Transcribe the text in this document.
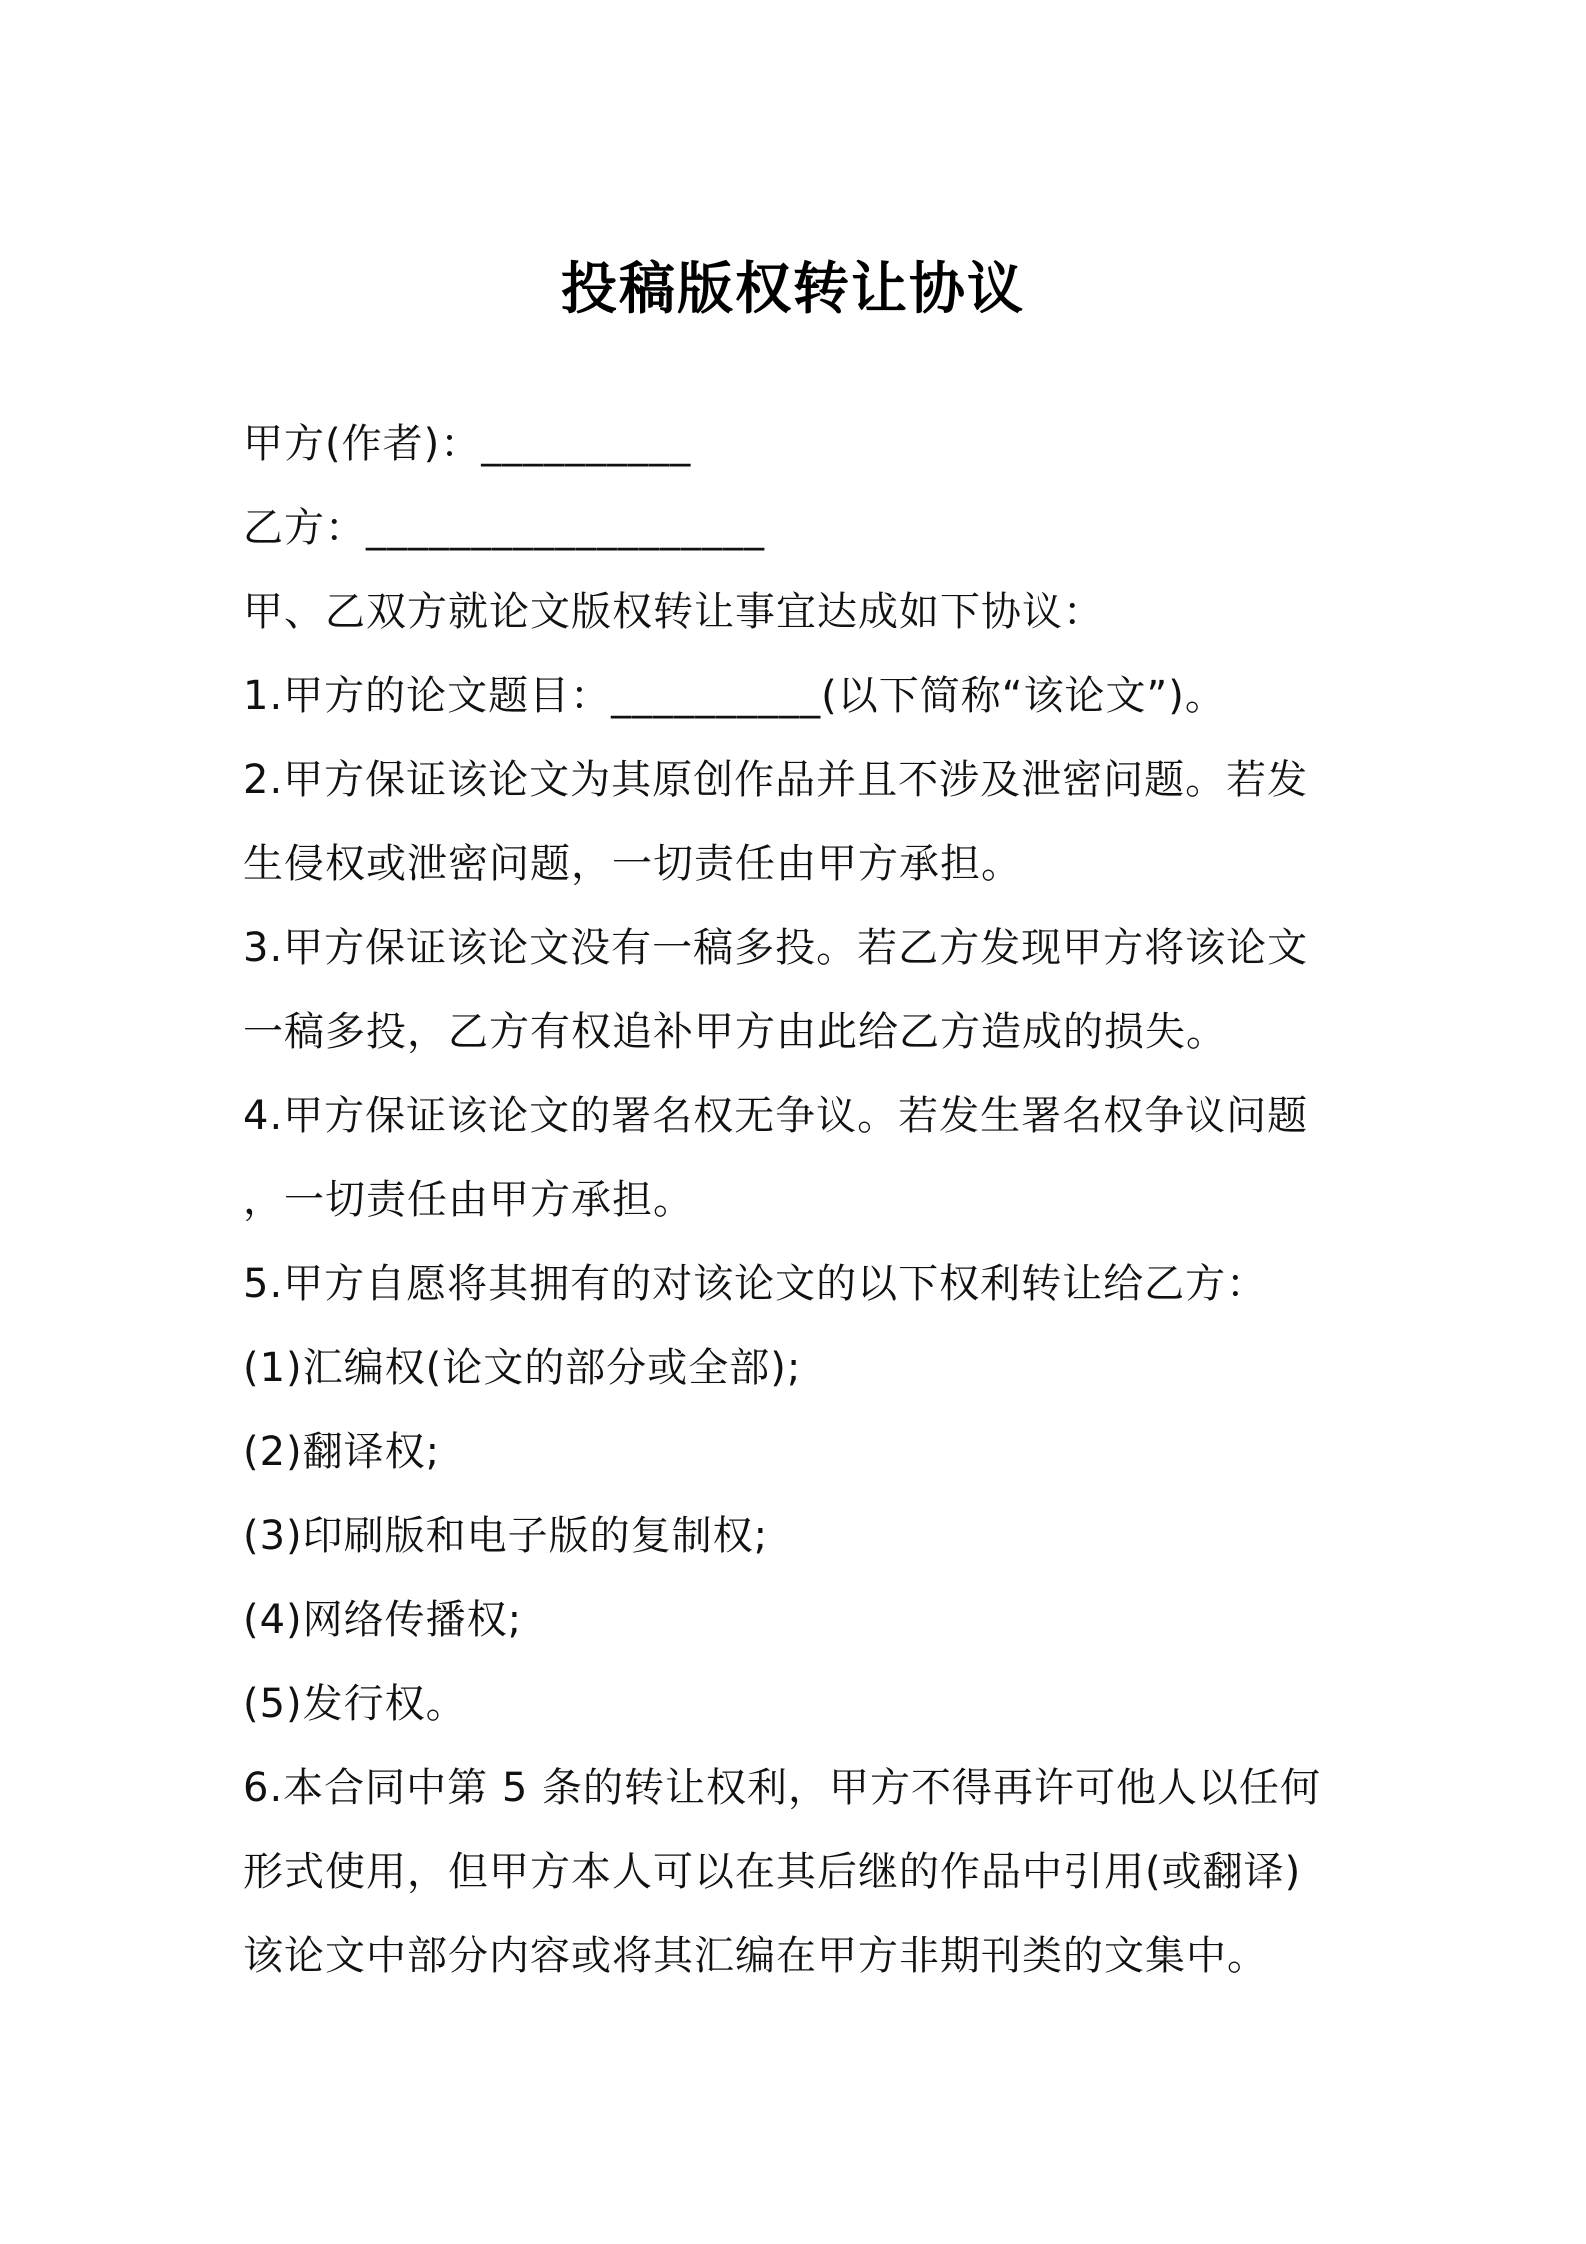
投稿版权转让协议
甲方(作者)：__________
乙方：___________________
甲、乙双方就论文版权转让事宜达成如下协议：
1.甲方的论文题目：__________(以下简称“该论文”)。
2.甲方保证该论文为其原创作品并且不涉及泄密问题。若发
生侵权或泄密问题，一切责任由甲方承担。
3.甲方保证该论文没有一稿多投。若乙方发现甲方将该论文
一稿多投，乙方有权追补甲方由此给乙方造成的损失。
4.甲方保证该论文的署名权无争议。若发生署名权争议问题
，一切责任由甲方承担。
5.甲方自愿将其拥有的对该论文的以下权利转让给乙方：
(1)汇编权(论文的部分或全部);
(2)翻译权;
(3)印刷版和电子版的复制权;
(4)网络传播权;
(5)发行权。
6.本合同中第 5 条的转让权利，甲方不得再许可他人以任何
形式使用，但甲方本人可以在其后继的作品中引用(或翻译)
该论文中部分内容或将其汇编在甲方非期刊类的文集中。
